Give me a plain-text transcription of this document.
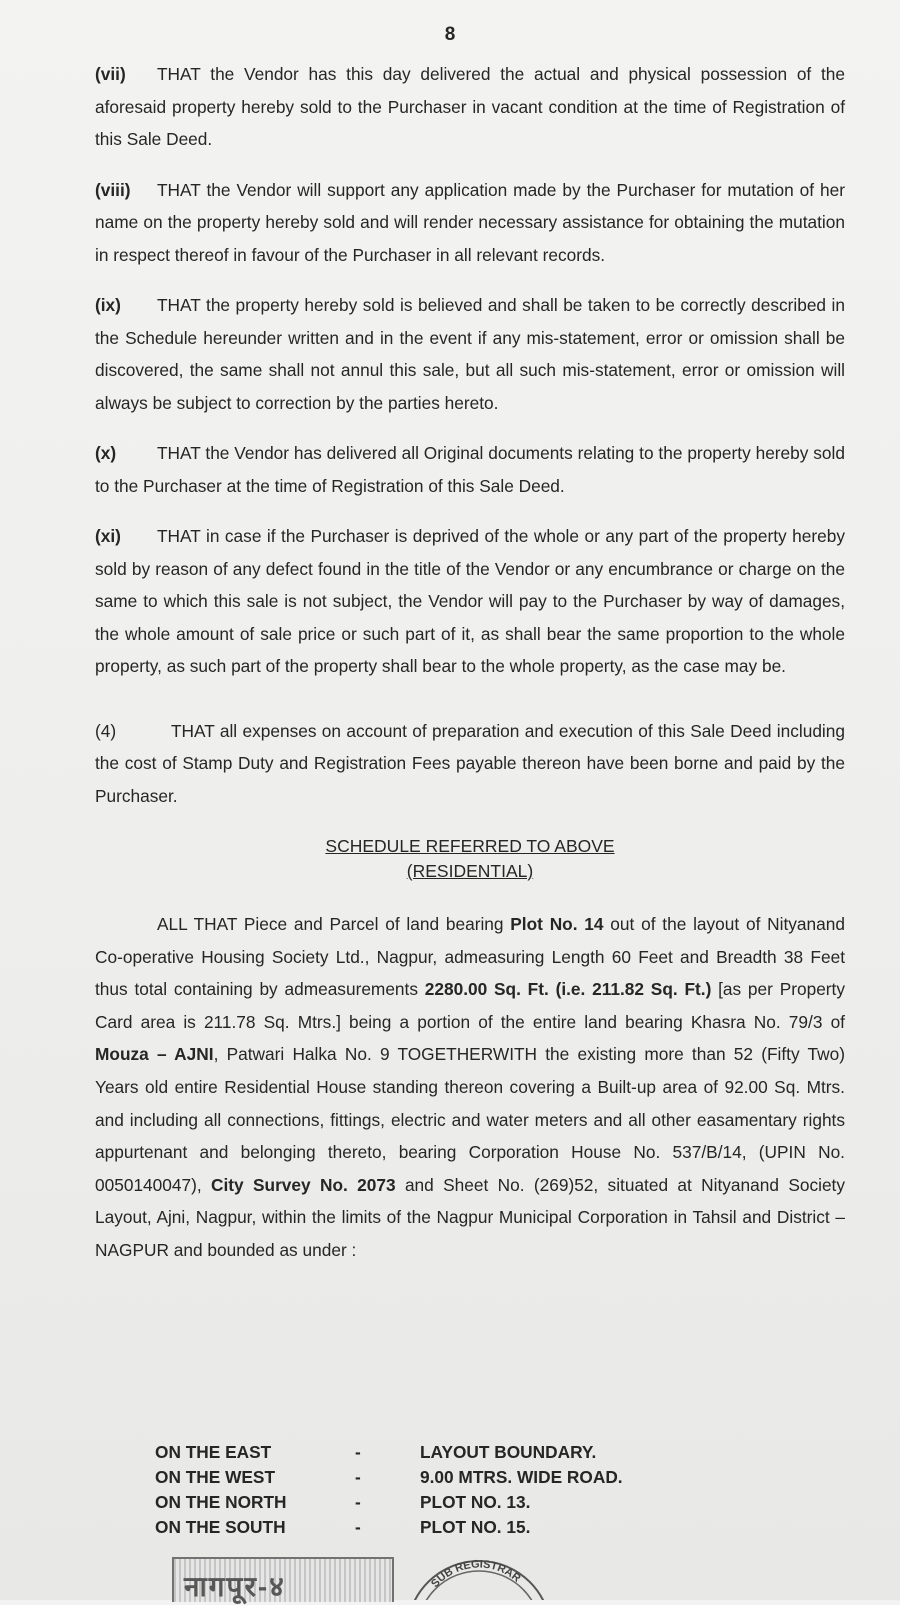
8

(vii) THAT the Vendor has this day delivered the actual and physical possession of the aforesaid property hereby sold to the Purchaser in vacant condition at the time of Registration of this Sale Deed.

(viii) THAT the Vendor will support any application made by the Purchaser for mutation of her name on the property hereby sold and will render necessary assistance for obtaining the mutation in respect thereof in favour of the Purchaser in all relevant records.

(ix) THAT the property hereby sold is believed and shall be taken to be correctly described in the Schedule hereunder written and in the event if any mis-statement, error or omission shall be discovered, the same shall not annul this sale, but all such mis-statement, error or omission will always be subject to correction by the parties hereto.

(x) THAT the Vendor has delivered all Original documents relating to the property hereby sold to the Purchaser at the time of Registration of this Sale Deed.

(xi) THAT in case if the Purchaser is deprived of the whole or any part of the property hereby sold by reason of any defect found in the title of the Vendor or any encumbrance or charge on the same to which this sale is not subject, the Vendor will pay to the Purchaser by way of damages, the whole amount of sale price or such part of it, as shall bear the same proportion to the whole property, as such part of the property shall bear to the whole property, as the case may be.

(4)	THAT all expenses on account of preparation and execution of this Sale Deed including the cost of Stamp Duty and Registration Fees payable thereon have been borne and paid by the Purchaser.

SCHEDULE REFERRED TO ABOVE
(RESIDENTIAL)

ALL THAT Piece and Parcel of land bearing Plot No. 14 out of the layout of Nityanand Co-operative Housing Society Ltd., Nagpur, admeasuring Length 60 Feet and Breadth 38 Feet thus total containing by admeasurements 2280.00 Sq. Ft. (i.e. 211.82 Sq. Ft.) [as per Property Card area is 211.78 Sq. Mtrs.] being a portion of the entire land bearing Khasra No. 79/3 of Mouza – AJNI, Patwari Halka No. 9 TOGETHERWITH the existing more than 52 (Fifty Two) Years old entire Residential House standing thereon covering a Built-up area of 92.00 Sq. Mtrs. and including all connections, fittings, electric and water meters and all other easamentary rights appurtenant and belonging thereto, bearing Corporation House No. 537/B/14, (UPIN No. 0050140047), City Survey No. 2073 and Sheet No. (269)52, situated at Nityanand Society Layout, Ajni, Nagpur, within the limits of the Nagpur Municipal Corporation in Tahsil and District – NAGPUR and bounded as under :

ON THE EAST	-	LAYOUT BOUNDARY.
ON THE WEST	-	9.00 MTRS. WIDE ROAD.
ON THE NORTH	-	PLOT NO. 13.
ON THE SOUTH	-	PLOT NO. 15.
नागपूर-४	SUB REGISTRAR
